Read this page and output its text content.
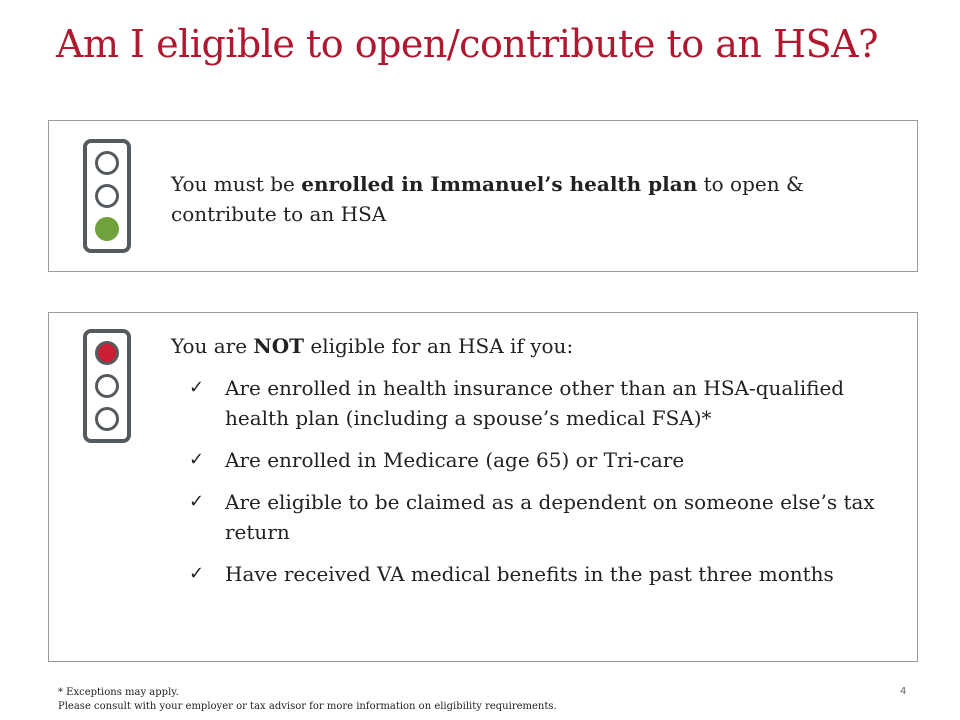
Am I eligible to open/contribute to an HSA?
You must be enrolled in Immanuel’s health plan to open & contribute to an HSA
You are NOT eligible for an HSA if you:
✓ Are enrolled in health insurance other than an HSA-qualified health plan (including a spouse’s medical FSA)*
✓ Are enrolled in Medicare (age 65) or Tri-care
✓ Are eligible to be claimed as a dependent on someone else’s tax return
✓ Have received VA medical benefits in the past three months
* Exceptions may apply.
Please consult with your employer or tax advisor for more information on eligibility requirements.
4
